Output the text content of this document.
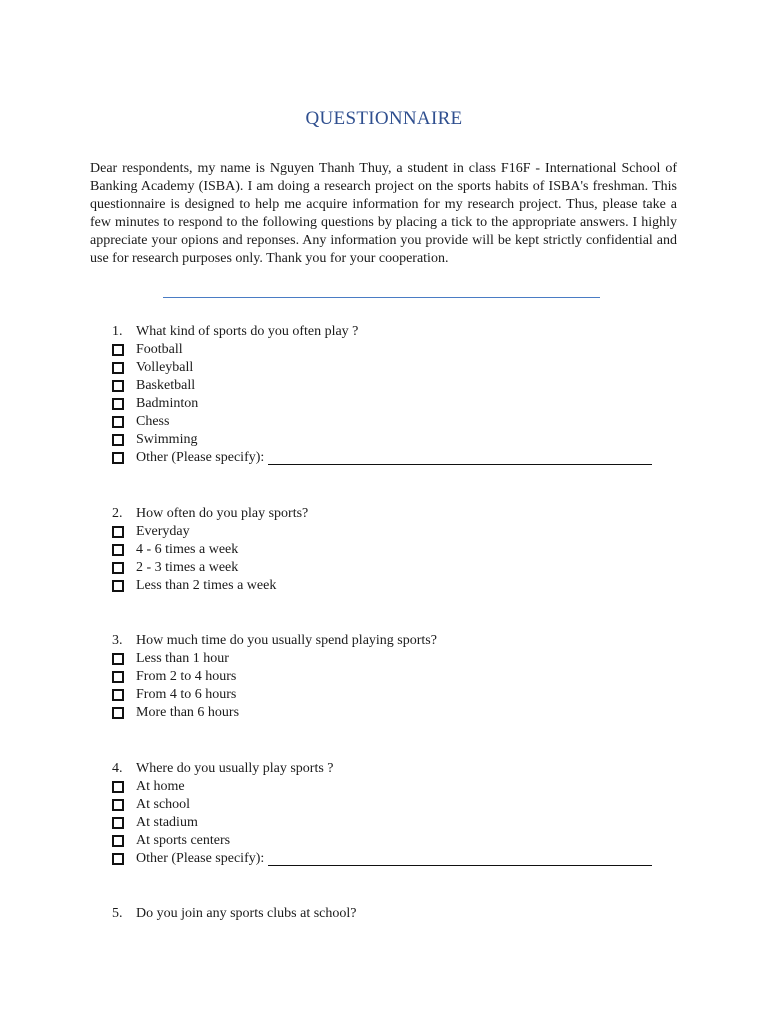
QUESTIONNAIRE
Dear respondents, my name is Nguyen Thanh Thuy, a student in class F16F - International School of Banking Academy (ISBA). I am doing a research project on the sports habits of ISBA's freshman. This questionnaire is designed to help me acquire information for my research project. Thus, please take a few minutes to respond to the following questions by placing a tick to the appropriate answers. I highly appreciate your opions and reponses. Any information you provide will be kept strictly confidential and use for research purposes only. Thank you for your cooperation.
1. What kind of sports do you often play ?
Football
Volleyball
Basketball
Badminton
Chess
Swimming
Other (Please specify):
2. How often do you play sports?
Everyday
4 - 6 times a week
2 - 3 times a week
Less than 2 times a week
3. How much time do you usually spend playing sports?
Less than 1 hour
From 2 to 4 hours
From 4 to 6 hours
More than 6 hours
4. Where do you usually play sports ?
At home
At school
At stadium
At sports centers
Other (Please specify):
5. Do you join any sports clubs at school?
